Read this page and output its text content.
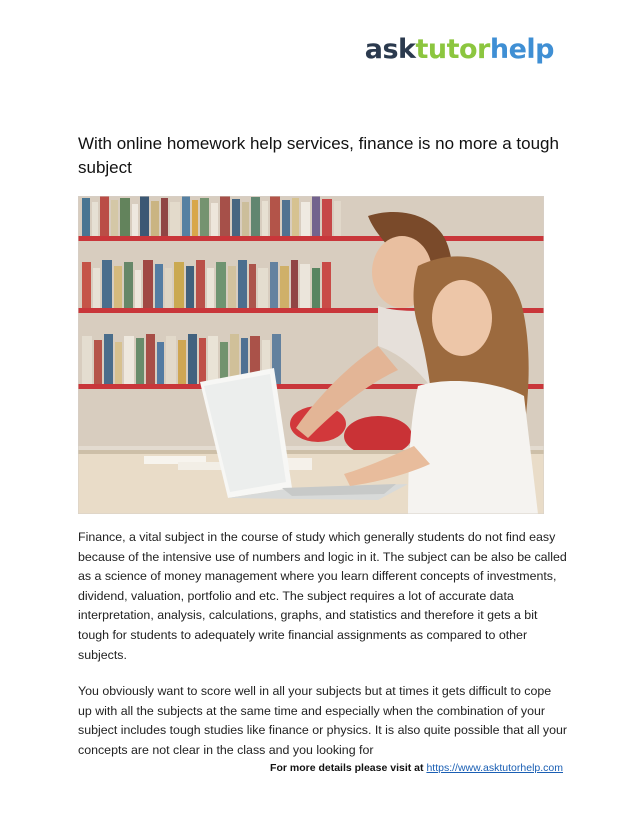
asktutorhelp
With online homework help services, finance is no more a tough subject

Finance, a vital subject in the course of study which generally students do not find easy because of the intensive use of numbers and logic in it. The subject can be also be called as a science of money management where you learn different concepts of investments, dividend, valuation, portfolio and etc. The subject requires a lot of accurate data interpretation, analysis, calculations, graphs, and statistics and therefore it gets a bit tough for students to adequately write financial assignments as compared to other subjects.

You obviously want to score well in all your subjects but at times it gets difficult to cope up with all the subjects at the same time and especially when the combination of your subject includes tough studies like finance or physics. It is also quite possible that all your concepts are not clear in the class and you looking for

For more details please visit at https://www.asktutorhelp.com
